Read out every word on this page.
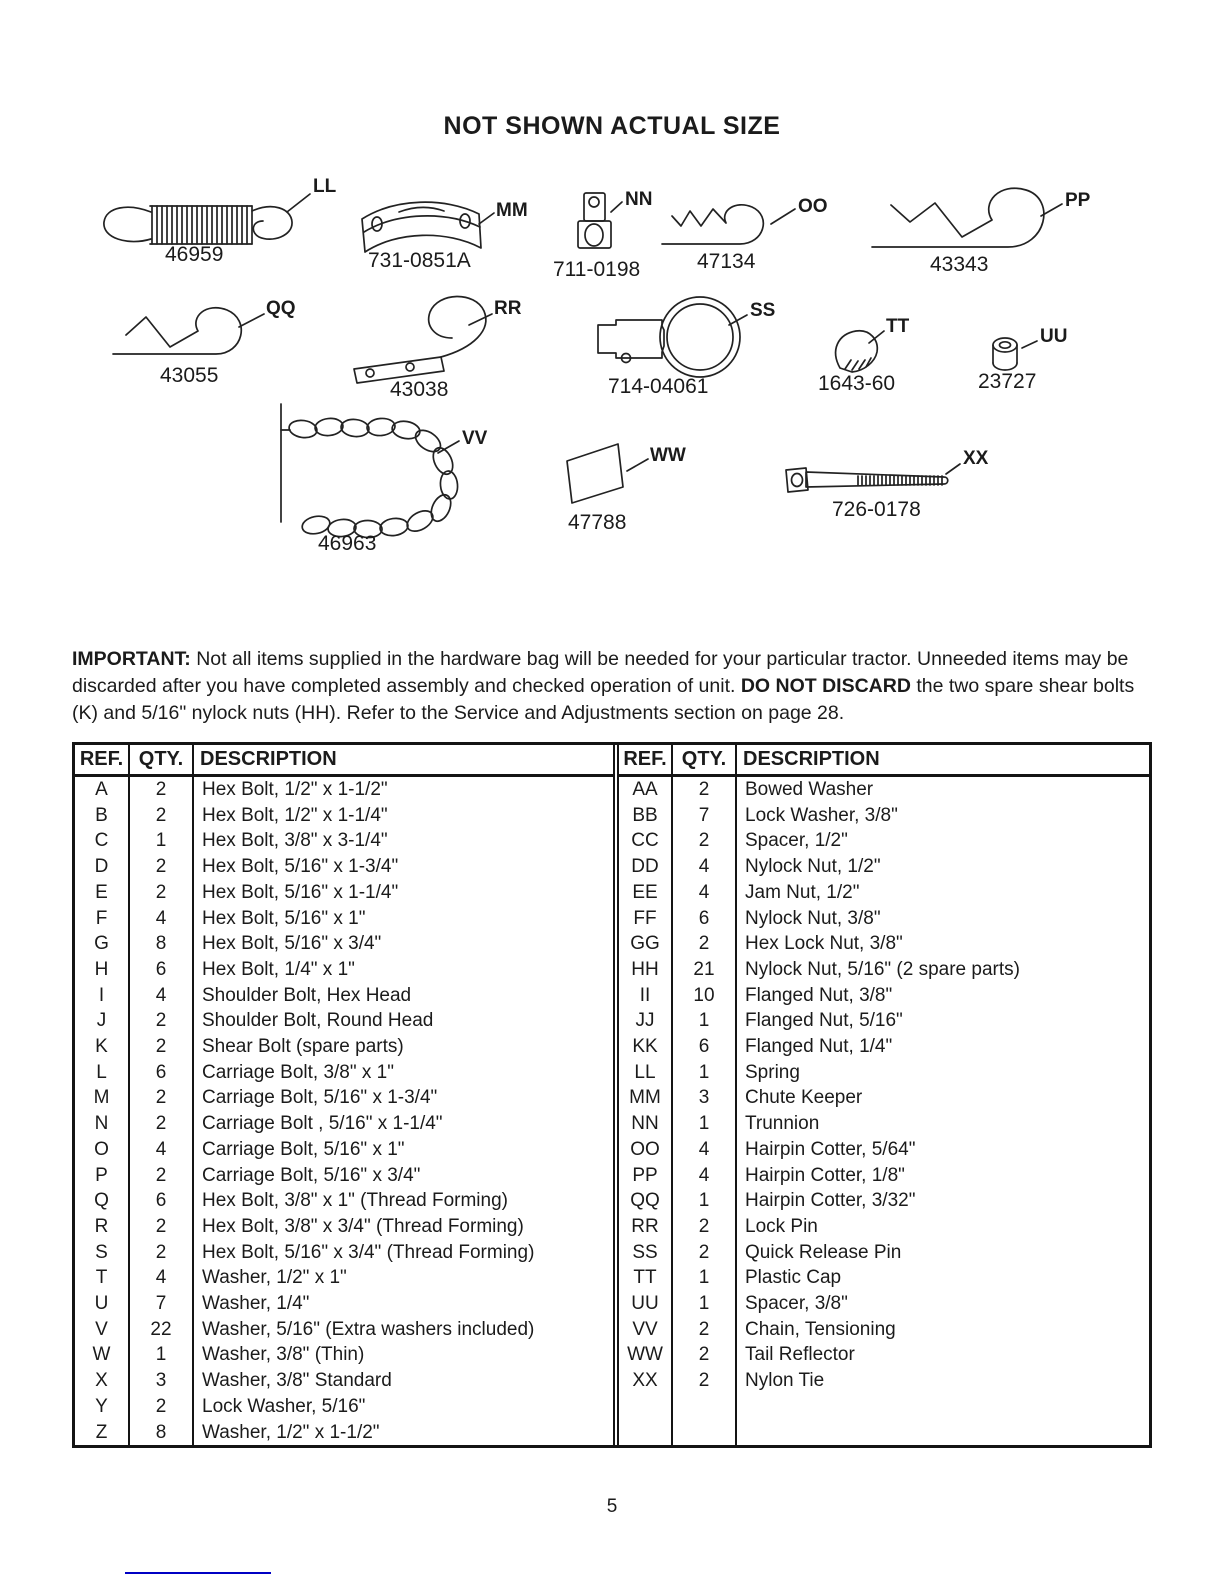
NOT SHOWN ACTUAL SIZE
LL
MM
NN	OO	PP
QQ	RR	SS
TT	UU
VV
WW	XX
46959	731-0851A	711-0198	47134	43343
43055
43038	714-04061	1643-60	23727
46963
47788
726-0178
IMPORTANT: Not all items supplied in the hardware bag will be needed for your particular tractor. Unneeded items may be discarded after you have completed assembly and checked operation of unit. DO NOT DISCARD the two spare shear bolts (K) and 5/16" nylock nuts (HH). Refer to the Service and Adjustments section on page 28.
REF.	QTY.	DESCRIPTION
A	2	Hex Bolt, 1/2" x 1-1/2"
B	2	Hex Bolt, 1/2" x 1-1/4"
C	1	Hex Bolt, 3/8" x 3-1/4"
D	2	Hex Bolt, 5/16" x 1-3/4"
E	2	Hex Bolt, 5/16" x 1-1/4"
F	4	Hex Bolt, 5/16" x 1"
G	8	Hex Bolt, 5/16" x 3/4"
H	6	Hex Bolt, 1/4" x 1"
I	4	Shoulder Bolt, Hex Head
J	2	Shoulder Bolt, Round Head
K	2	Shear Bolt (spare parts)
L	6	Carriage Bolt, 3/8" x 1"
M	2	Carriage Bolt, 5/16" x 1-3/4"
N	2	Carriage Bolt , 5/16" x 1-1/4"
O	4	Carriage Bolt, 5/16" x 1"
P	2	Carriage Bolt, 5/16" x 3/4"
Q	6	Hex Bolt, 3/8" x 1" (Thread Forming)
R	2	Hex Bolt, 3/8" x 3/4" (Thread Forming)
S	2	Hex Bolt, 5/16" x 3/4" (Thread Forming)
T	4	Washer, 1/2" x 1"
U	7	Washer, 1/4"
V	22	Washer, 5/16" (Extra washers included)
W	1	Washer, 3/8" (Thin)
X	3	Washer, 3/8" Standard
Y	2	Lock Washer, 5/16"
Z	8	Washer, 1/2" x 1-1/2"
REF.	QTY.	DESCRIPTION
AA	2	Bowed Washer
BB	7	Lock Washer, 3/8"
CC	2	Spacer, 1/2"
DD	4	Nylock Nut, 1/2"
EE	4	Jam Nut, 1/2"
FF	6	Nylock Nut, 3/8"
GG	2	Hex Lock Nut, 3/8"
HH	21	Nylock Nut, 5/16" (2 spare parts)
II	10	Flanged Nut, 3/8"
JJ	1	Flanged Nut, 5/16"
KK	6	Flanged Nut, 1/4"
LL	1	Spring
MM	3	Chute Keeper
NN	1	Trunnion
OO	4	Hairpin Cotter, 5/64"
PP	4	Hairpin Cotter, 1/8"
QQ	1	Hairpin Cotter, 3/32"
RR	2	Lock Pin
SS	2	Quick Release Pin
TT	1	Plastic Cap
UU	1	Spacer, 3/8"
VV	2	Chain, Tensioning
WW	2	Tail Reflector
XX	2	Nylon Tie

5
